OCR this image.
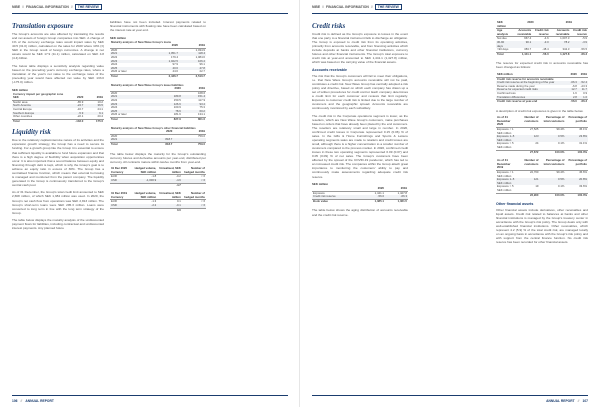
NIBE // FINANCIAL INFORMATION // THE REVIEW
Translation exposure

The Group's accounts are also affected by translating the results and net assets of foreign Group companies into SEK. A change of 1% of the currency exchange rates would impact sales by SEK 40.5 (31.0) million, calculated on the sales for 2020 where 10% (±) SEK in the Group result of foreign currencies. A change in net assets would be SEK 17.9 (11.1) million, calculated on SEK 4.8 (4.4) billion.

The below table displays a sensitivity analysis regarding value based on the preceding year's currency exchange rates, where a translation of the year's net value to the exchange rates of the preceding year would have affected net value by SEK 133.0 (-175.0) million.

SEK million
Currency impact per geographic zone		
SEK	2020	2019
Nordic area	-65.9	10.2
North America	-24.7	36.5
Central Europe	-16.7	24.1
Southern Europe	-5.9	9.1
Other countries	-22.1	20.4
Total	-133.0	175.0
Liquidity risk

Due to the relatively capital-intensive nature of its activities and the expansion growth strategy, the Group has a need to secure its funding. For a growth group like the Group it is essential to ensure that sufficient liquidity is available to fund future expansion and that there is a high degree of flexibility when acquisition opportunities occur. It is also important that a sound balance between equity and financing through debt is kept, which is why the Group's goal is to achieve an equity ratio in excess of 30%. The Group has a centralised finance function, which means that external borrowing is managed and monitored from the parent company. The liquidity generated in the Group is continuously transferred to the Group's central cash pool.

As of 31 December, the Group's total credit limit amounted to SEK 2,668 million, of which SEK 1,384 million was used. In 2020, the Group's net cash flow from operations was SEK 2,813 million. The Group's short-term loans were SEK 295.3 million. Loans were converted to long term in line with the long term strategy of the Group.

The table below displays the maturity analysis of the undiscounted payment flows for liabilities, including contractual and undiscounted interest payments. Any planned future

liabilities have not been included. Interest payments related to financial instruments with floating rate have been calculated based on the interest rate at year end.

SEK million
Maturity analysis of New Wave Group's loans		
	2020	2019
2020		1,034.9
2021	1,051.7	118.4
2022	179.4	1,084.6
2023	1,022.5	106.2
2024	97.9	96.1
2025	40.6	47.8
2026 or later	44.6	22.7
Total	2,436.7	2,510.7
Maturity analysis of New Wave Group's lease liabilities		
	2020	2019
2020		168.6
2021	189.8	151.4
2022	150.5	117.9
2023	126.6	93.4
2024	100.9	75.3
2025	78.6	60.2
2026 or later	181.6	134.1
Total	827.9	801.0
Maturity analysis of New Wave Group's other financial liabilities		
	2020	2019
2020		759.0
2021	818.7	
Total	818.7	759.0

The table below displays the maturity for the Group's outstanding currency futures and derivative amounts per year-end, distributed per currency. All contracts mature within twelve months from year-end.

31 Dec 2020 Currency	Hedged volume, SEK million	Unrealised, SEK million	Number of hedged months
EUR	-1.8	-0.2	< 6
USD	-1,000.9	-4.6	< 6
		-4.7	
31 Dec 2019 Currency	Hedged volume, SEK million	Unrealised, SEK million	Number of hedged months
EUR	-1.3	0.1	< 6
USD	-2.2	-0.1	< 6
		0.0	
106 // ANNUAL REPORT
NIBE // FINANCIAL INFORMATION // THE REVIEW
Credit risks

Credit risk is defined as the Group's exposure to losses in the event that one party to a financial instrument fails to discharge an obligation. The Group is exposed to credit risk from its operating activities, primarily from accounts receivable, and from financing activities which include deposits at banks and other financial institutions, currency futures and other financial instruments. The Group's total exposure to credit risk at year-end amounted to SEK 1,441.1 (1,427.8) million, which was based on the carrying value of the financial assets.

Accounts receivable

The risk that the Group's customers will fail to meet their obligations, i.e. that New Wave Group's accounts receivable will not be paid, constitutes a credit risk. New Wave Group has centrally adopted a risk policy and directive, based on which each company has drawn up a set of written procedures for credit control. Each company determines a credit limit for each customer and reviews that limit regularly. Exposure to customer credit risk is limited due to the large number of customers and the geographic spread. Accounts receivable are continuously monitored by each subsidiary.

The credit risk in the Corporate operations segment is lower, as the resellers, which are New Wave Group's customers, make purchases based on orders that have already been placed by the end customers. The resellers are relatively small and large in number. In 2020, confirmed credit losses in Corporate represented 0.15 (0.06) % of sales. In the Gifts & Home Furnishings and Sports & Leisure operating segments sales are made to retailers and credit losses are small, although there is a higher concentration to a smaller number of customers compared to the process market. In 2020, confirmed credit losses in these two operating segments represented 0.09 (0.07) and 0.05 (0.09) % of net sales. The Group's customers have been affected by the spread of the COVID-19 pandemic, which has led to an increased credit risk. The companies within the Group attach great importance to monitoring the customers' ability to pay and continuously make assessments regarding adequate credit risk reserve.

SEK million
	2020	2019
Exposure	1,441.1	1,427.8
Credit risk reserve	-56.0	-66.3
Book value	1,385.1	1,361.5

The table below shows the aging distribution of accounts receivable and the credit risk reserve.

SEK million	2020		2019	
Age analysis	Accounts receivable	Credit risk reserve	Accounts receivable	Credit risk reserve
Not due	967.4	-4.6	1,007.3	-5.9
30-90 days	90.1	-3.0	78.2	-3.9
>90 days	383.7	-48.4	342.3	-56.5
Total	1,441.1	-56.0	1,427.8	-66.3

The reserve for expected credit risk in accounts receivable has been changed as follows:

SEK million	2020	2019
Credit risk reserve for accounts receivable		
Credit risk reserve at the beginning of the year	-66.3	-52.4
Reserve made during the year	-6.8	-23.3
Reserve for expected credit risks	12.7	11.7
Confirmed loss	1.6	0.9
Translation differences	2.8	1.0
Credit risk reserve at year-end	-56.0	-66.3

A description of credit risk exposures is given in the table below.

As of 31 December 2020	Number of customers	Percentage of total customers	Percentage of portfolio
Exposure < 1 SEK million	27,525	99.4%	45.1%
Exposure 1–5 SEK million	123	0.5%	23.8%
Exposure > 5 SEK million	24	0.1%	31.1%
	27,672	100.0%	100.0%
As of 31 December 2019	Number of customers	Percentage of total customers	Percentage of portfolio
Exposure < 1 SEK million	22,760	99.4%	45.6%
Exposure 1–5 SEK million	121	0.5%	20.8%
Exposure > 5 SEK million	19	0.1%	33.6%
	22,900	100.0%	100.0%
Other financial assets

Other financial assets include derivatives, other receivables and liquid assets. Credit risk related to balances at banks and other financial institutions is managed by the Group's treasury center in accordance with the Group's risk policy. The Group deals only with well-established financial institutions. Other receivables, which represent 4.2 (5.9) % of the total credit risk, are managed locally on an ongoing basis in accordance with the Group's risk policy and with support from the central finance function. No credit risk reserve has been recorded for other financial assets.

ANNUAL REPORT // 107
